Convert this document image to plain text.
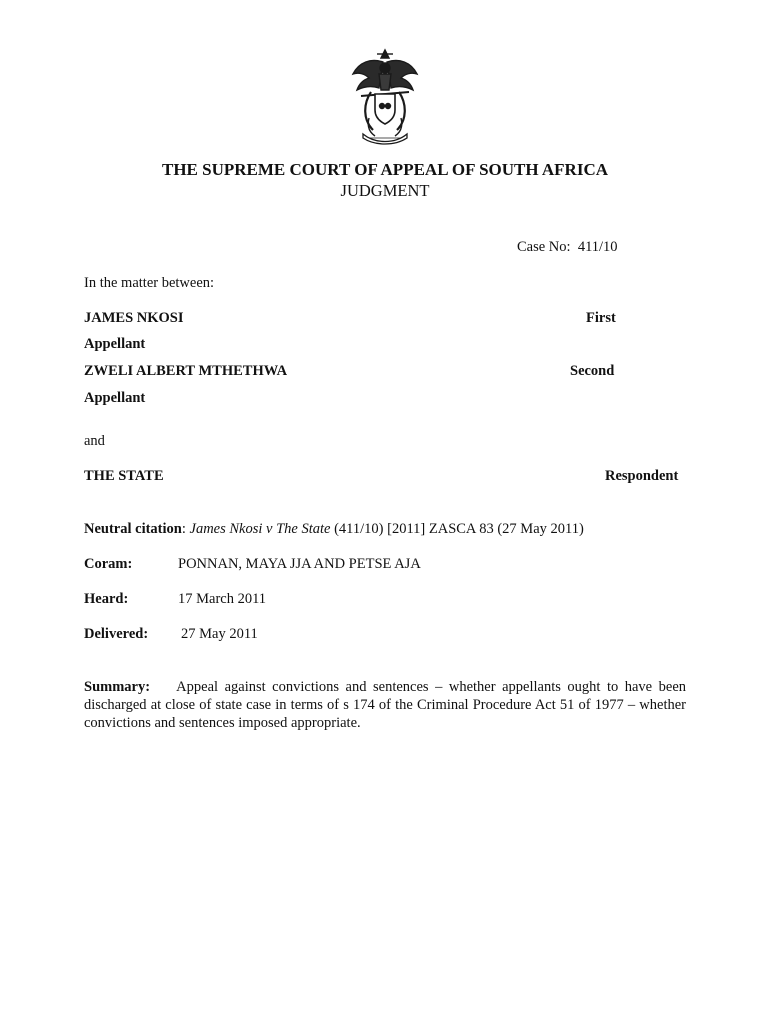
THE SUPREME COURT OF APPEAL OF SOUTH AFRICA
JUDGMENT
Case No: 411/10
In the matter between:
JAMES NKOSI	First
Appellant
ZWELI ALBERT MTHETHWA	Second
Appellant
and
THE STATE	Respondent
Neutral citation: James Nkosi v The State (411/10) [2011] ZASCA 83 (27 May 2011)
Coram:	PONNAN, MAYA JJA AND PETSE AJA
Heard:	17 March 2011
Delivered: 27 May 2011
Summary: Appeal against convictions and sentences – whether appellants ought to have been discharged at close of state case in terms of s 174 of the Criminal Procedure Act 51 of 1977 – whether convictions and sentences imposed appropriate.
